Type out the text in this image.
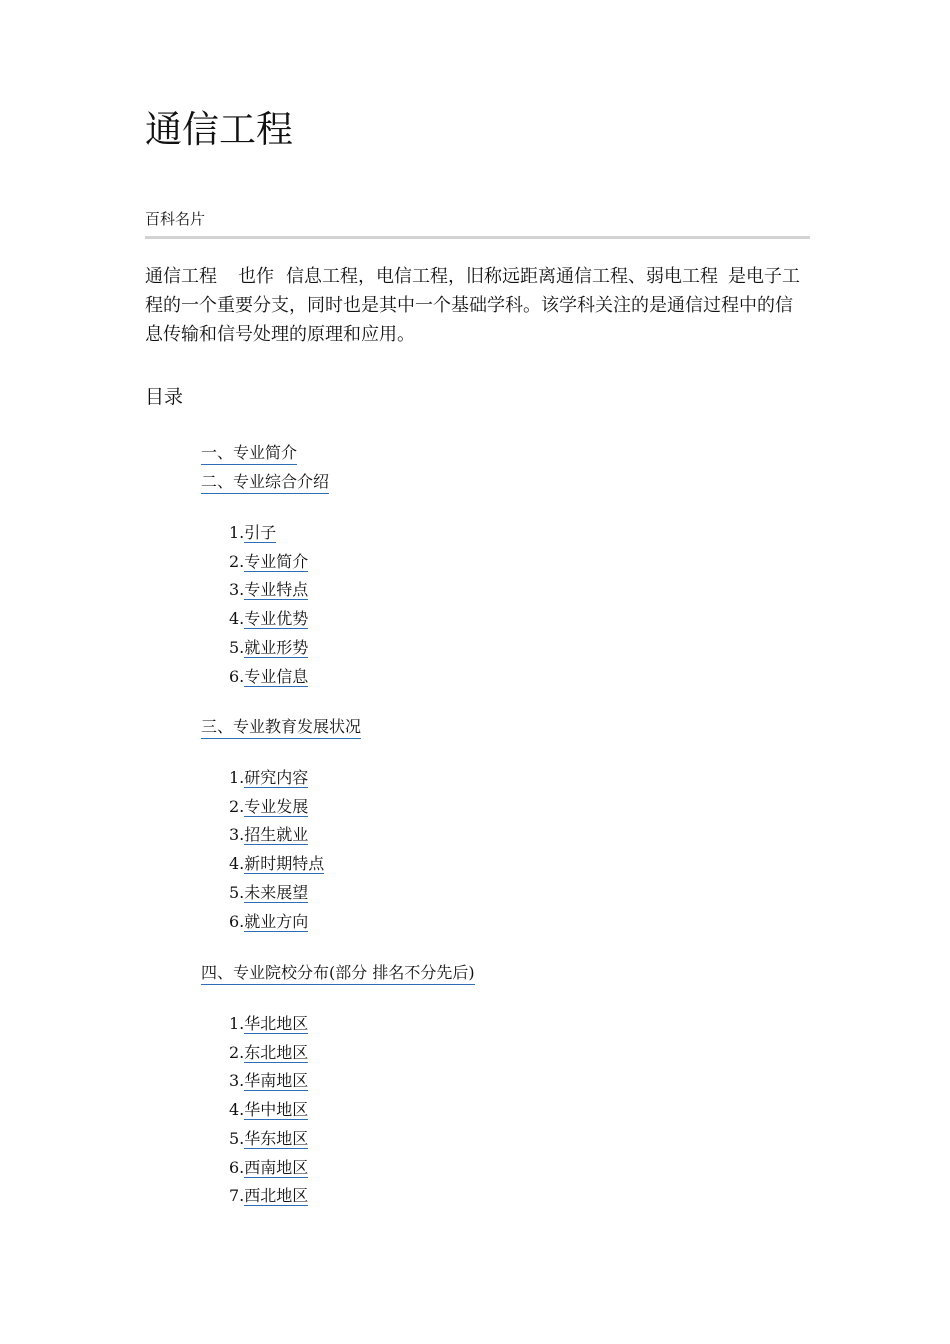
通信工程
百科名片

通信工程 也作 信息工程，电信工程，旧称远距离通信工程、弱电工程 是电子工程的一个重要分支，同时也是其中一个基础学科。该学科关注的是通信过程中的信息传输和信号处理的原理和应用。

目录
一、专业简介
二、专业综合介绍
1.引子
2.专业简介
3.专业特点
4.专业优势
5.就业形势
6.专业信息
三、专业教育发展状况
1.研究内容
2.专业发展
3.招生就业
4.新时期特点
5.未来展望
6.就业方向
四、专业院校分布(部分 排名不分先后)
1.华北地区
2.东北地区
3.华南地区
4.华中地区
5.华东地区
6.西南地区
7.西北地区
